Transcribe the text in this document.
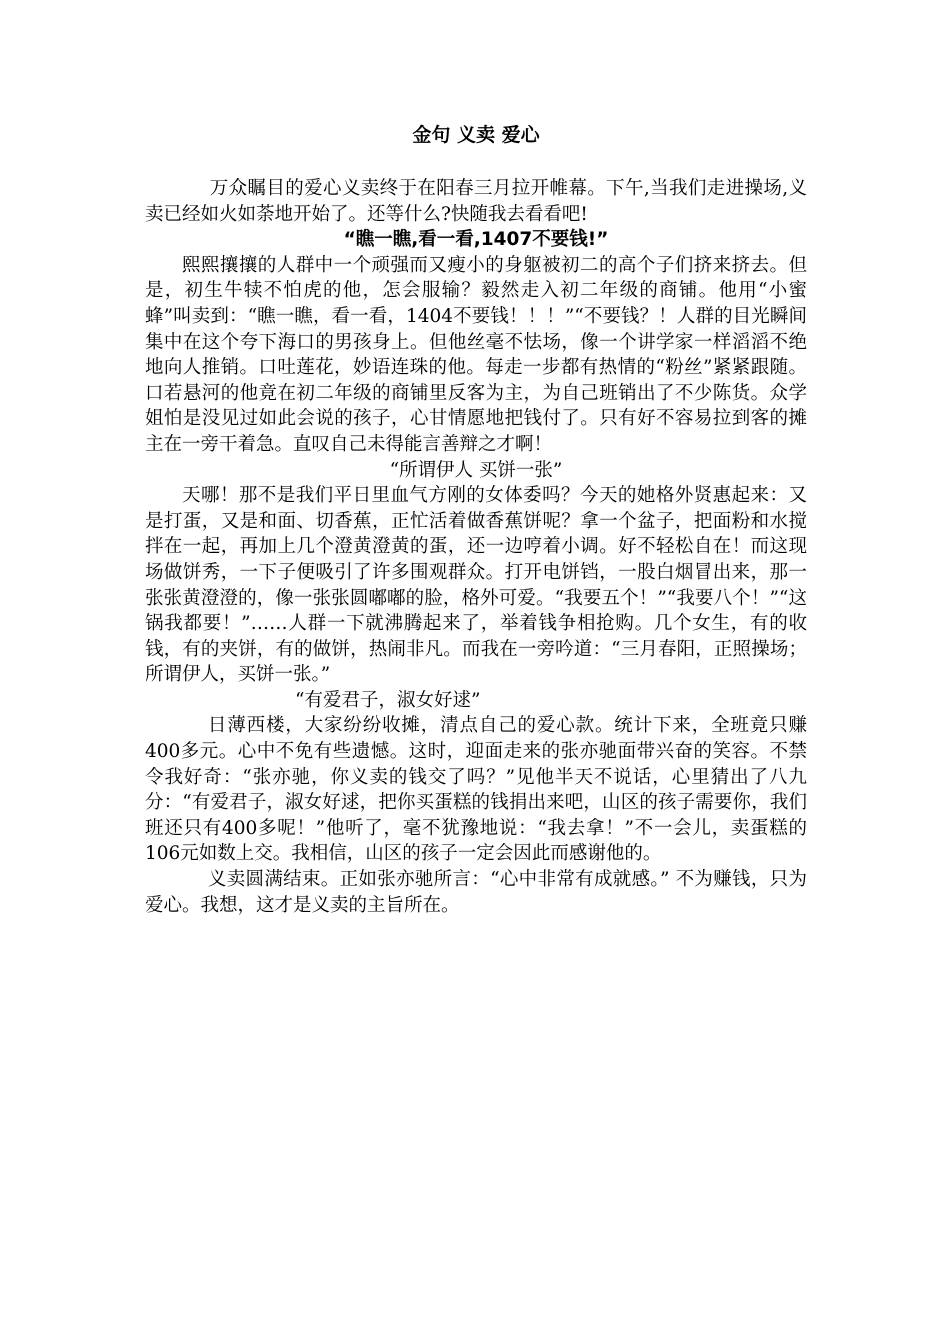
金句 义卖 爱心

万众瞩目的爱心义卖终于在阳春三月拉开帷幕。下午,当我们走进操场,义卖已经如火如荼地开始了。还等什么?快随我去看看吧!

“瞧一瞧,看一看,1407不要钱!”

熙熙攘攘的人群中一个顽强而又瘦小的身躯被初二的高个子们挤来挤去。但是，初生牛犊不怕虎的他，怎会服输？毅然走入初二年级的商铺。他用“小蜜蜂”叫卖到：“瞧一瞧，看一看，1404不要钱！！！”“不要钱？！人群的目光瞬间集中在这个夸下海口的男孩身上。但他丝毫不怯场，像一个讲学家一样滔滔不绝地向人推销。口吐莲花，妙语连珠的他。每走一步都有热情的“粉丝”紧紧跟随。口若悬河的他竟在初二年级的商铺里反客为主，为自己班销出了不少陈货。众学姐怕是没见过如此会说的孩子，心甘情愿地把钱付了。只有好不容易拉到客的摊主在一旁干着急。直叹自己未得能言善辩之才啊！

“所谓伊人 买饼一张”

天哪！那不是我们平日里血气方刚的女体委吗？今天的她格外贤惠起来：又是打蛋，又是和面、切香蕉，正忙活着做香蕉饼呢？拿一个盆子，把面粉和水搅拌在一起，再加上几个澄黄澄黄的蛋，还一边哼着小调。好不轻松自在！而这现场做饼秀，一下子便吸引了许多围观群众。打开电饼铛，一股白烟冒出来，那一张张黄澄澄的，像一张张圆嘟嘟的脸，格外可爱。“我要五个！”“我要八个！”“这锅我都要！”……人群一下就沸腾起来了，举着钱争相抢购。几个女生，有的收钱，有的夹饼，有的做饼，热闹非凡。而我在一旁吟道：“三月春阳，正照操场；所谓伊人，买饼一张。”

“有爱君子，淑女好逑”

日薄西楼，大家纷纷收摊，清点自己的爱心款。统计下来，全班竟只赚400多元。心中不免有些遗憾。这时，迎面走来的张亦驰面带兴奋的笑容。不禁令我好奇：“张亦驰，你义卖的钱交了吗？”见他半天不说话，心里猜出了八九分：“有爱君子，淑女好逑，把你买蛋糕的钱捐出来吧，山区的孩子需要你，我们班还只有400多呢！”他听了，毫不犹豫地说：“我去拿！”不一会儿，卖蛋糕的106元如数上交。我相信，山区的孩子一定会因此而感谢他的。

义卖圆满结束。正如张亦驰所言：“心中非常有成就感。” 不为赚钱，只为爱心。我想，这才是义卖的主旨所在。
